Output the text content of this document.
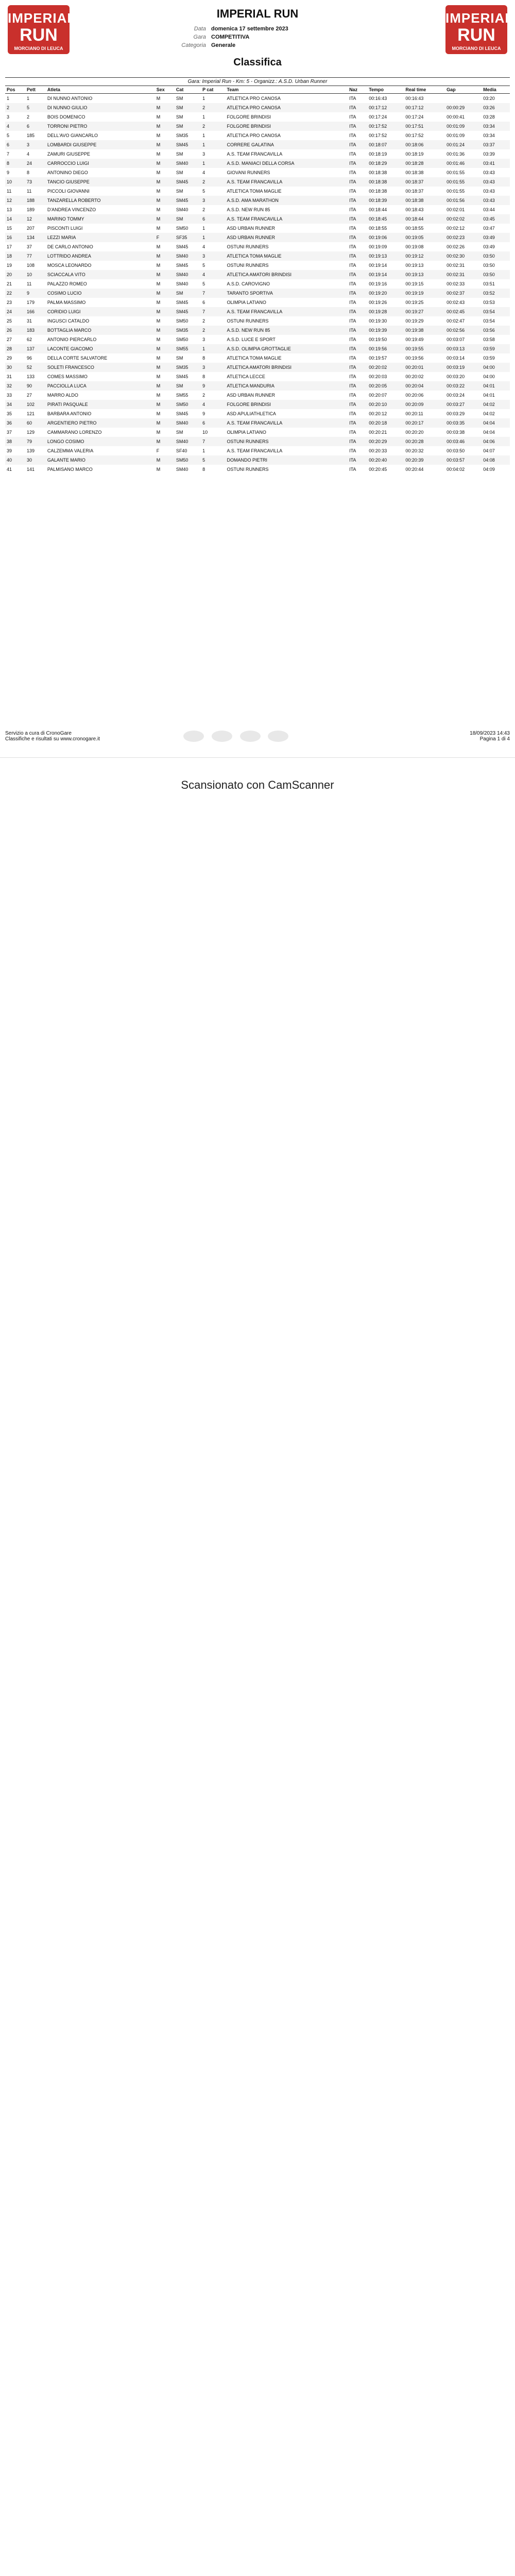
IMPERIAL
RUN
MORCIANO DI LEUCA
IMPERIAL RUN
Data domenica 17 settembre 2023
Gara COMPETITIVA
Categoria Generale
IMPERIAL
RUN
MORCIANO DI LEUCA
Classifica
Gara: Imperial Run - Km: 5 - Organizz.: A.S.D. Urban Runner
Pos	Pett	Atleta	Sex	Cat	P cat	Team	Naz	Tempo	Real time	Gap	Media
1	1	DI NUNNO ANTONIO	M	SM	1	ATLETICA PRO CANOSA	ITA	00:16:43	00:16:43		03:20
2	5	DI NUNNO GIULIO	M	SM	2	ATLETICA PRO CANOSA	ITA	00:17:12	00:17:12	00:00:29	03:26
3	2	BOIS DOMENICO	M	SM	1	FOLGORE BRINDISI	ITA	00:17:24	00:17:24	00:00:41	03:28
4	6	TORRONI PIETRO	M	SM	2	FOLGORE BRINDISI	ITA	00:17:52	00:17:51	00:01:09	03:34
5	185	DELL'AVO GIANCARLO	M	SM35	1	ATLETICA PRO CANOSA	ITA	00:17:52	00:17:52	00:01:09	03:34
6	3	LOMBARDI GIUSEPPE	M	SM45	1	CORRERE GALATINA	ITA	00:18:07	00:18:06	00:01:24	03:37
7	4	ZAMURI GIUSEPPE	M	SM	3	A.S. TEAM FRANCAVILLA	ITA	00:18:19	00:18:19	00:01:36	03:39
8	24	CARROCCIO LUIGI	M	SM40	1	A.S.D. MANIACI DELLA CORSA	ITA	00:18:29	00:18:28	00:01:46	03:41
9	8	ANTONINO DIEGO	M	SM	4	GIOVANI RUNNERS	ITA	00:18:38	00:18:38	00:01:55	03:43
10	73	TANCIO GIUSEPPE	M	SM45	2	A.S. TEAM FRANCAVILLA	ITA	00:18:38	00:18:37	00:01:55	03:43
11	11	PICCOLI GIOVANNI	M	SM	5	ATLETICA TOMA MAGLIE	ITA	00:18:38	00:18:37	00:01:55	03:43
12	188	TANZARELLA ROBERTO	M	SM45	3	A.S.D. AMA MARATHON	ITA	00:18:39	00:18:38	00:01:56	03:43
13	189	D'ANDREA VINCENZO	M	SM40	2	A.S.D. NEW RUN 85	ITA	00:18:44	00:18:43	00:02:01	03:44
14	12	MARINO TOMMY	M	SM	6	A.S. TEAM FRANCAVILLA	ITA	00:18:45	00:18:44	00:02:02	03:45
15	207	PISCONTI LUIGI	M	SM50	1	ASD URBAN RUNNER	ITA	00:18:55	00:18:55	00:02:12	03:47
16	134	LEZZI MARIA	F	SF35	1	ASD URBAN RUNNER	ITA	00:19:06	00:19:05	00:02:23	03:49
17	37	DE CARLO ANTONIO	M	SM45	4	OSTUNI RUNNERS	ITA	00:19:09	00:19:08	00:02:26	03:49
18	77	LOTTRIDO ANDREA	M	SM40	3	ATLETICA TOMA MAGLIE	ITA	00:19:13	00:19:12	00:02:30	03:50
19	108	MOSCA LEONARDO	M	SM45	5	OSTUNI RUNNERS	ITA	00:19:14	00:19:13	00:02:31	03:50
20	10	SCIACCALA VITO	M	SM40	4	ATLETICA AMATORI BRINDISI	ITA	00:19:14	00:19:13	00:02:31	03:50
21	11	PALAZZO ROMEO	M	SM40	5	A.S.D. CAROVIGNO	ITA	00:19:16	00:19:15	00:02:33	03:51
22	9	COSIMO LUCIO	M	SM	7	TARANTO SPORTIVA	ITA	00:19:20	00:19:19	00:02:37	03:52
23	179	PALMA MASSIMO	M	SM45	6	OLIMPIA LATIANO	ITA	00:19:26	00:19:25	00:02:43	03:53
24	166	CORIDIO LUIGI	M	SM45	7	A.S. TEAM FRANCAVILLA	ITA	00:19:28	00:19:27	00:02:45	03:54
25	31	INGUSCI CATALDO	M	SM50	2	OSTUNI RUNNERS	ITA	00:19:30	00:19:29	00:02:47	03:54
26	183	BOTTAGLIA MARCO	M	SM35	2	A.S.D. NEW RUN 85	ITA	00:19:39	00:19:38	00:02:56	03:56
27	62	ANTONIO PIERCARLO	M	SM50	3	A.S.D. LUCE E SPORT	ITA	00:19:50	00:19:49	00:03:07	03:58
28	137	LACONTE GIACOMO	M	SM55	1	A.S.D. OLIMPIA GROTTAGLIE	ITA	00:19:56	00:19:55	00:03:13	03:59
29	96	DELLA CORTE SALVATORE	M	SM	8	ATLETICA TOMA MAGLIE	ITA	00:19:57	00:19:56	00:03:14	03:59
30	52	SOLETI FRANCESCO	M	SM35	3	ATLETICA AMATORI BRINDISI	ITA	00:20:02	00:20:01	00:03:19	04:00
31	133	COMES MASSIMO	M	SM45	8	ATLETICA LECCE	ITA	00:20:03	00:20:02	00:03:20	04:00
32	90	PACCIOLLA LUCA	M	SM	9	ATLETICA MANDURIA	ITA	00:20:05	00:20:04	00:03:22	04:01
33	27	MARRO ALDO	M	SM55	2	ASD URBAN RUNNER	ITA	00:20:07	00:20:06	00:03:24	04:01
34	102	PIRATI PASQUALE	M	SM50	4	FOLGORE BRINDISI	ITA	00:20:10	00:20:09	00:03:27	04:02
35	121	BARBARA ANTONIO	M	SM45	9	ASD APULIATHLETICA	ITA	00:20:12	00:20:11	00:03:29	04:02
36	60	ARGENTIERO PIETRO	M	SM40	6	A.S. TEAM FRANCAVILLA	ITA	00:20:18	00:20:17	00:03:35	04:04
37	129	CAMMARANO LORENZO	M	SM	10	OLIMPIA LATIANO	ITA	00:20:21	00:20:20	00:03:38	04:04
38	79	LONGO COSIMO	M	SM40	7	OSTUNI RUNNERS	ITA	00:20:29	00:20:28	00:03:46	04:06
39	139	CALZEMMA VALERIA	F	SF40	1	A.S. TEAM FRANCAVILLA	ITA	00:20:33	00:20:32	00:03:50	04:07
40	30	GALANTE MARIO	M	SM50	5	DOMANDO PIETRI	ITA	00:20:40	00:20:39	00:03:57	04:08
41	141	PALMISANO MARCO	M	SM40	8	OSTUNI RUNNERS	ITA	00:20:45	00:20:44	00:04:02	04:09
Servizio a cura di CronoGare
Classifiche e risultati su www.cronogare.it

18/09/2023 14:43
Pagina 1 di 4
Scansionato con CamScanner
